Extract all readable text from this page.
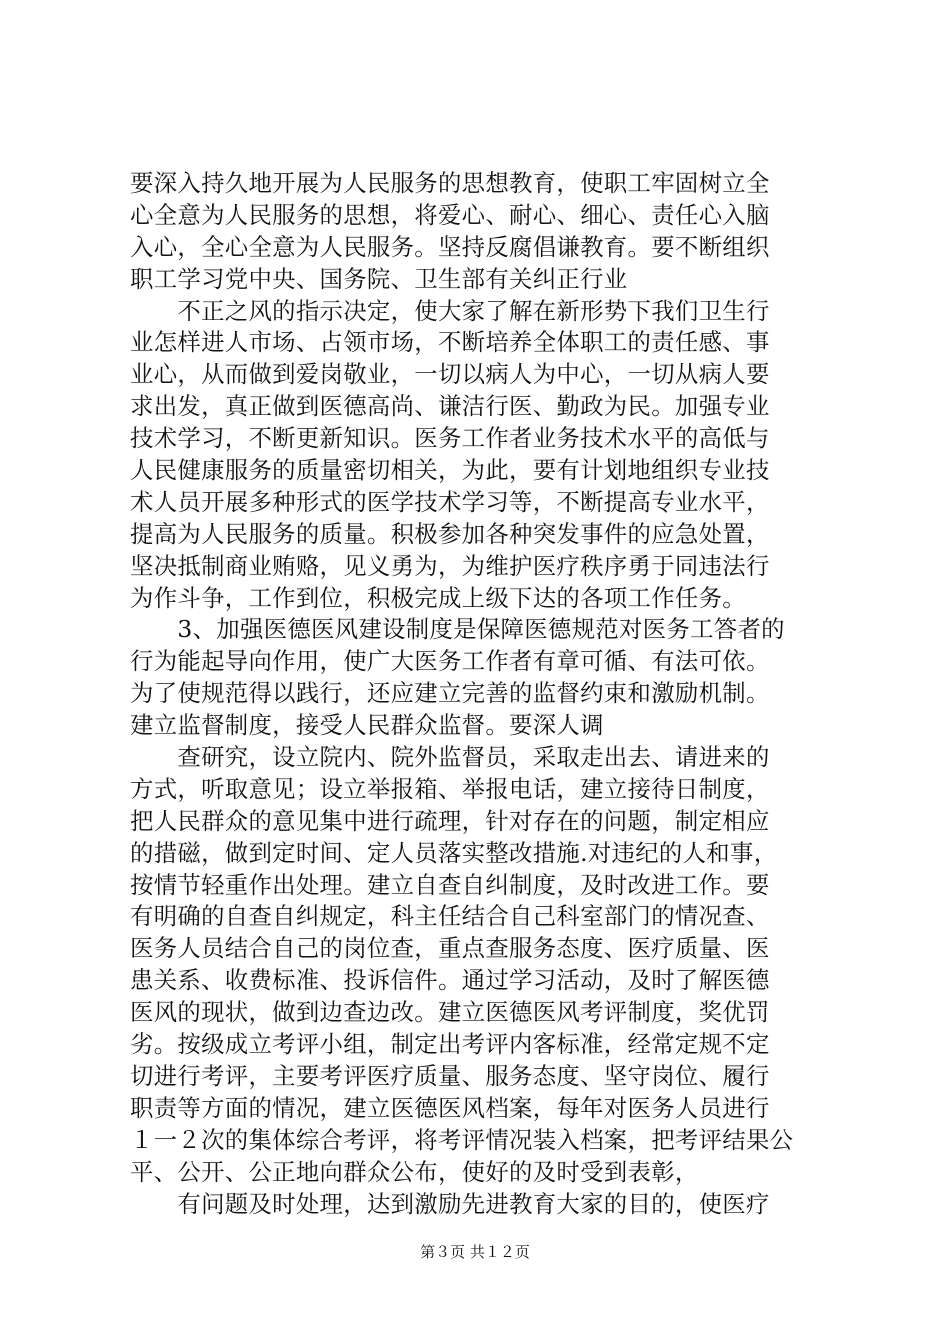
要深入持久地开展为人民服务的思想教育，使职工牢固树立全
心全意为人民服务的思想，将爱心、耐心、细心、责任心入脑
入心，全心全意为人民服务。坚持反腐倡谦教育。要不断组织
职工学习党中央、国务院、卫生部有关纠正行业
　　不正之风的指示决定，使大家了解在新形势下我们卫生行
业怎样进人市场、占领市场，不断培养全体职工的责任感、事
业心，从而做到爱岗敬业，一切以病人为中心，一切从病人要
求出发，真正做到医德高尚、谦洁行医、勤政为民。加强专业
技术学习，不断更新知识。医务工作者业务技术水平的高低与
人民健康服务的质量密切相关，为此，要有计划地组织专业技
术人员开展多种形式的医学技术学习等，不断提高专业水平，
提高为人民服务的质量。积极参加各种突发事件的应急处置，
坚决抵制商业贿赂，见义勇为，为维护医疗秩序勇于同违法行
为作斗争，工作到位，积极完成上级下达的各项工作任务。
　　3、加强医德医风建设制度是保障医德规范对医务工答者的
行为能起导向作用，使广大医务工作者有章可循、有法可依。
为了使规范得以践行，还应建立完善的监督约束和激励机制。
建立监督制度，接受人民群众监督。要深人调
　　查研究，设立院内、院外监督员，采取走出去、请进来的
方式，听取意见；设立举报箱、举报电话，建立接待日制度，
把人民群众的意见集中进行疏理，针对存在的问题，制定相应
的措磁，做到定时间、定人员落实整改措施.对违纪的人和事，
按情节轻重作出处理。建立自查自纠制度，及时改进工作。要
有明确的自查自纠规定，科主任结合自己科室部门的情况查、
医务人员结合自己的岗位查，重点查服务态度、医疗质量、医
患关系、收费标准、投诉信件。通过学习活动，及时了解医德
医风的现状，做到边查边改。建立医德医风考评制度，奖优罚
劣。按级成立考评小组，制定出考评内客标准，经常定规不定
切进行考评，主要考评医疗质量、服务态度、坚守岗位、履行
职责等方面的情况，建立医德医风档案，每年对医务人员进行
１一２次的集体综合考评，将考评情况装入档案，把考评结果公
平、公开、公正地向群众公布，使好的及时受到表彰，
　　有问题及时处理，达到激励先进教育大家的目的，使医疗
第３页 共１２页
